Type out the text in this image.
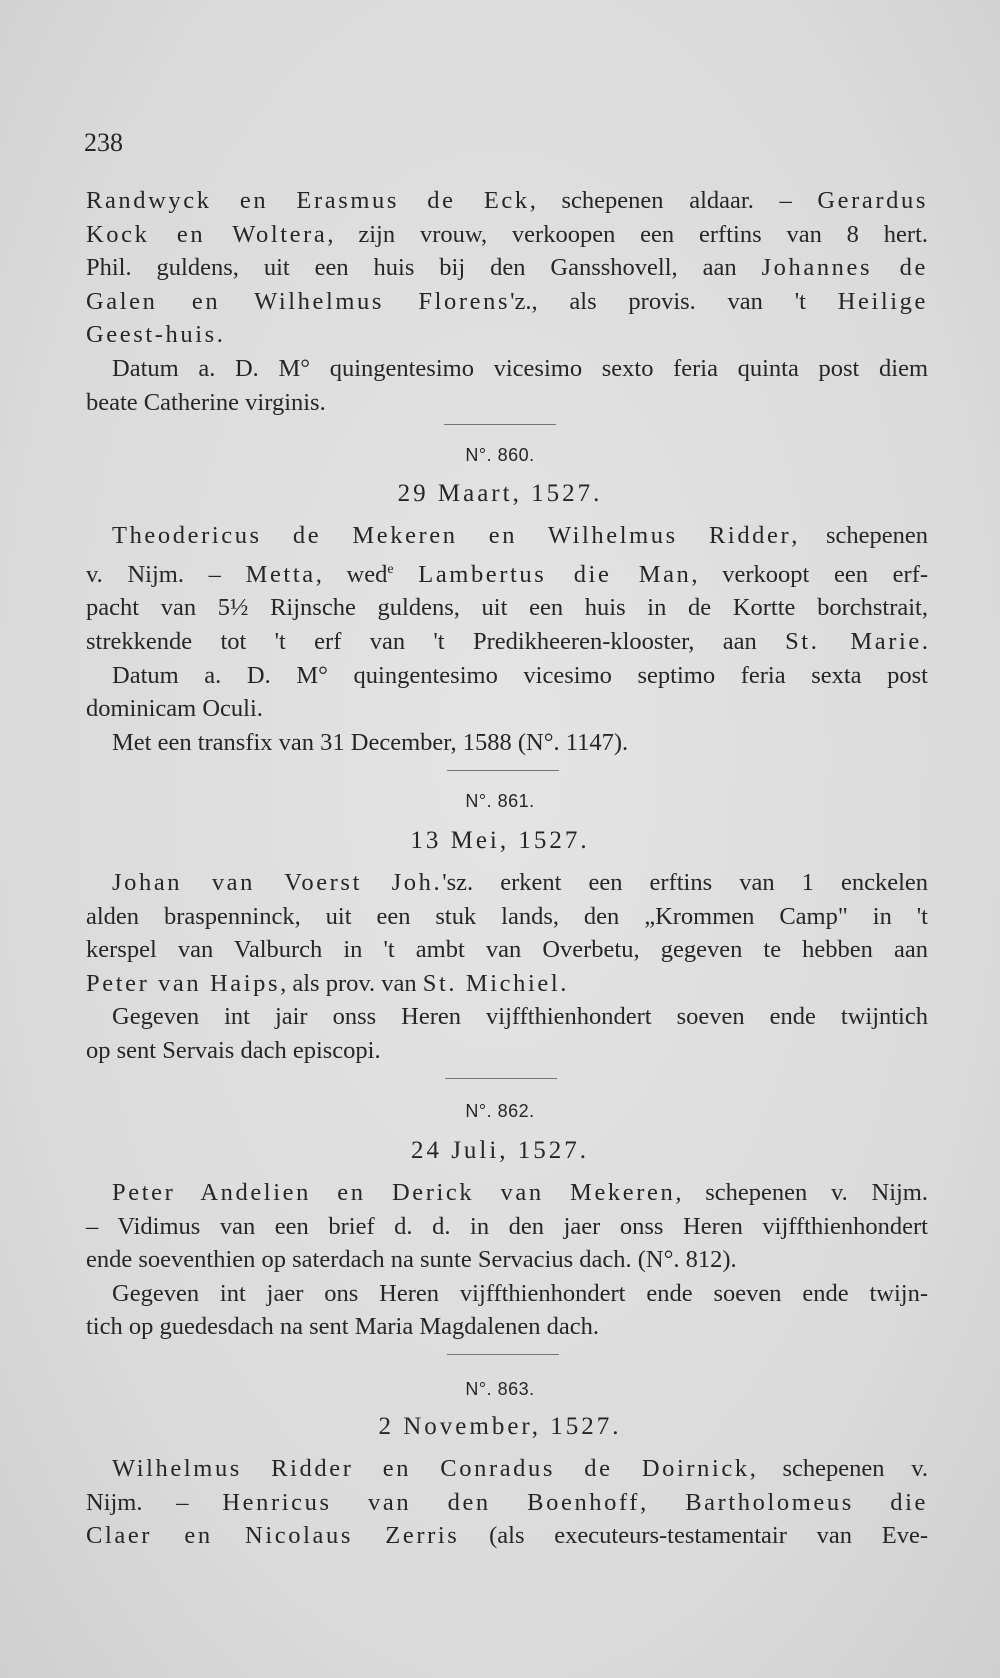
238
Randwyck en Erasmus de Eck, schepenen aldaar. – Gerardus
Kock en Woltera, zijn vrouw, verkoopen een erftins van 8 hert.
Phil. guldens, uit een huis bij den Gansshovell, aan Johannes de
Galen en Wilhelmus Florens'z., als provis. van 't Heilige
Geest-huis.
Datum a. D. M° quingentesimo vicesimo sexto feria quinta post diem
beate Catherine virginis.
N°. 860.
29 Maart, 1527.
Theodericus de Mekeren en Wilhelmus Ridder, schepenen
v. Nijm. – Metta, wed$^e$ Lambertus die Man, verkoopt een erf-
pacht van 5½ Rijnsche guldens, uit een huis in de Kortte borchstrait,
strekkende tot 't erf van 't Predikheeren-klooster, aan St. Marie.
Datum a. D. M° quingentesimo vicesimo septimo feria sexta post
dominicam Oculi.
Met een transfix van 31 December, 1588 (N°. 1147).
N°. 861.
13 Mei, 1527.
Johan van Voerst Joh.'sz. erkent een erftins van 1 enckelen
alden braspenninck, uit een stuk lands, den „Krommen Camp" in 't
kerspel van Valburch in 't ambt van Overbetu, gegeven te hebben aan
Peter van Haips, als prov. van St. Michiel.
Gegeven int jair onss Heren vijffthienhondert soeven ende twijntich
op sent Servais dach episcopi.
N°. 862.
24 Juli, 1527.
Peter Andelien en Derick van Mekeren, schepenen v. Nijm.
– Vidimus van een brief d. d. in den jaer onss Heren vijffthienhondert
ende soeventhien op saterdach na sunte Servacius dach. (N°. 812).
Gegeven int jaer ons Heren vijffthienhondert ende soeven ende twijn-
tich op guedesdach na sent Maria Magdalenen dach.
N°. 863.
2 November, 1527.
Wilhelmus Ridder en Conradus de Doirnick, schepenen v.
Nijm. – Henricus van den Boenhoff, Bartholomeus die
Claer en Nicolaus Zerris (als executeurs-testamentair van Eve-
